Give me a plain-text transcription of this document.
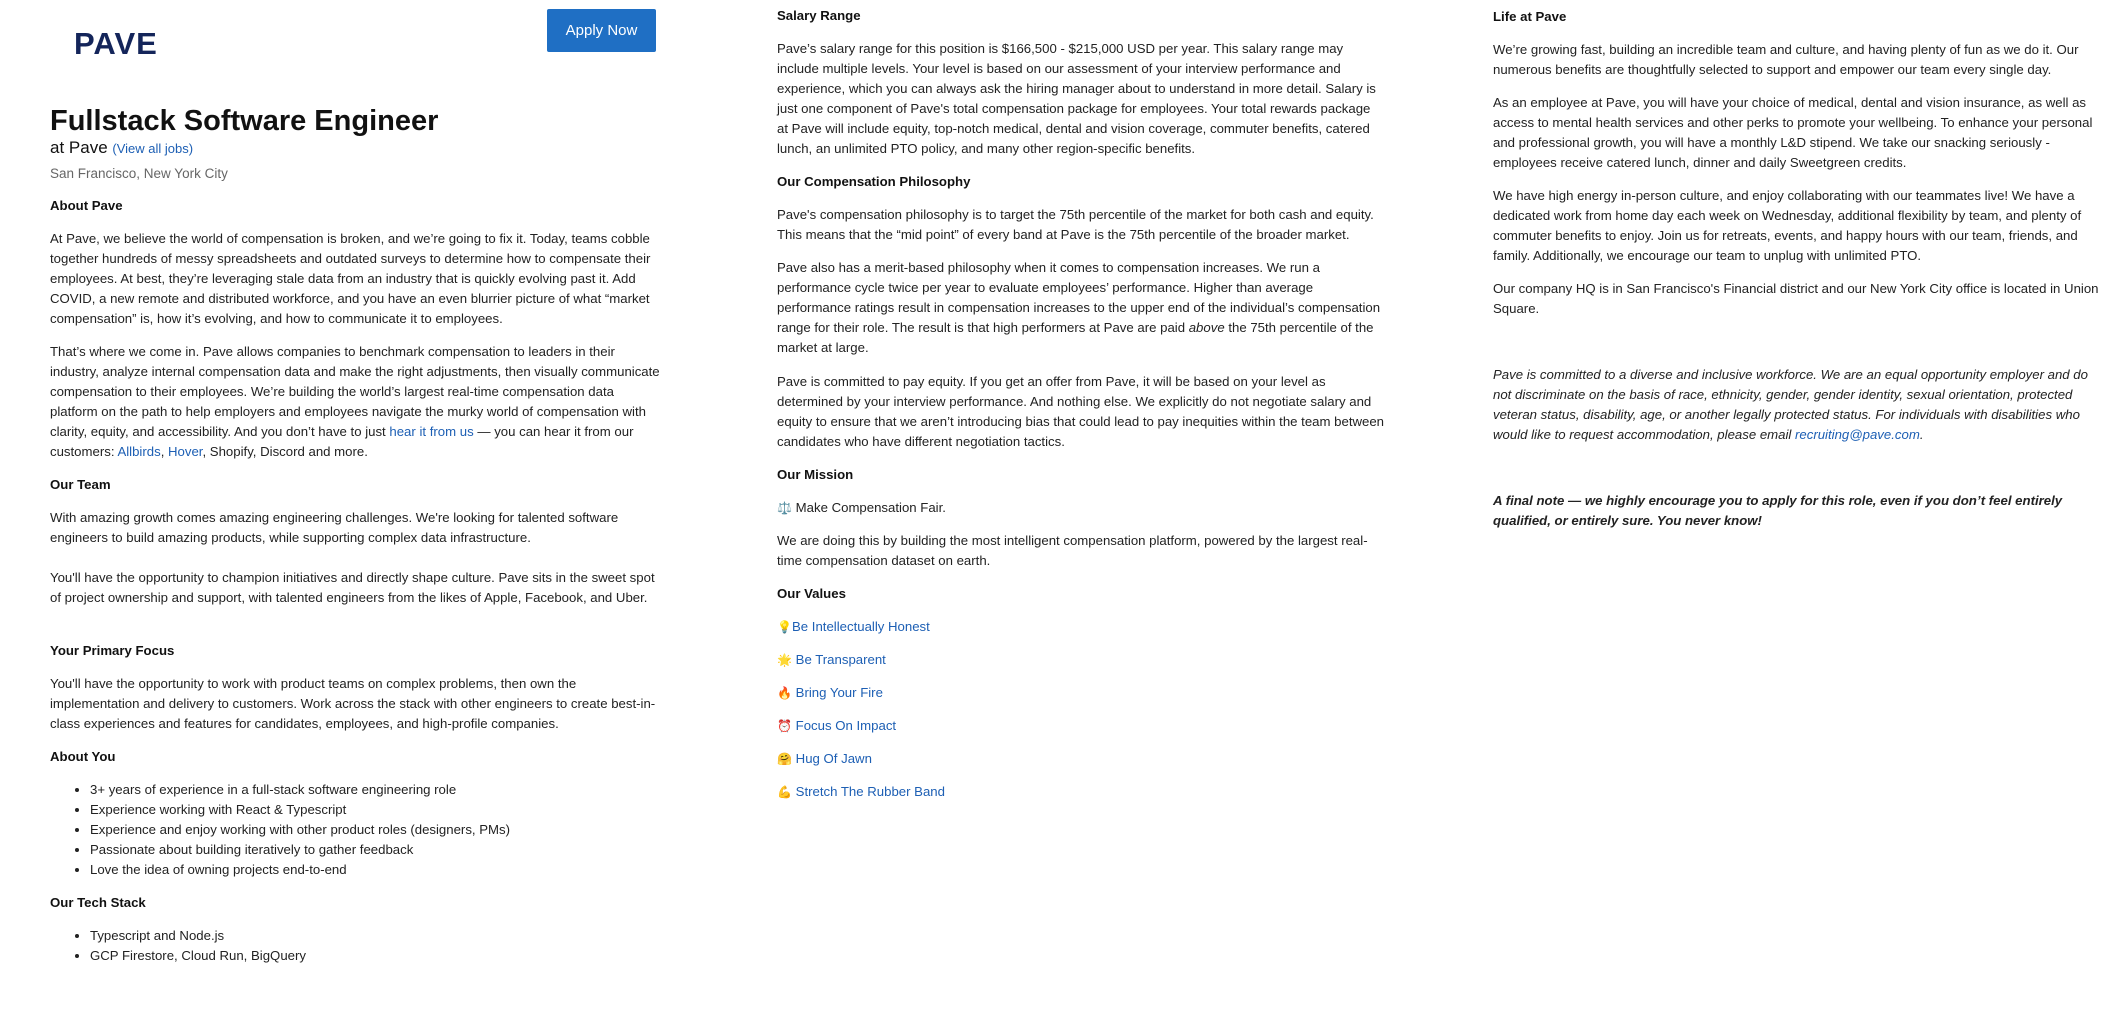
PAVE	Apply Now
Fullstack Software Engineer
at Pave (View all jobs)
San Francisco, New York City

About Pave

At Pave, we believe the world of compensation is broken, and we’re going to fix it. Today, teams cobble together hundreds of messy spreadsheets and outdated surveys to determine how to compensate their employees. At best, they’re leveraging stale data from an industry that is quickly evolving past it. Add COVID, a new remote and distributed workforce, and you have an even blurrier picture of what “market compensation” is, how it’s evolving, and how to communicate it to employees.

That’s where we come in. Pave allows companies to benchmark compensation to leaders in their industry, analyze internal compensation data and make the right adjustments, then visually communicate compensation to their employees. We’re building the world’s largest real-time compensation data platform on the path to help employers and employees navigate the murky world of compensation with clarity, equity, and accessibility. And you don’t have to just hear it from us — you can hear it from our customers: Allbirds, Hover, Shopify, Discord and more.

Our Team

With amazing growth comes amazing engineering challenges. We're looking for talented software engineers to build amazing products, while supporting complex data infrastructure.

You'll have the opportunity to champion initiatives and directly shape culture. Pave sits in the sweet spot of project ownership and support, with talented engineers from the likes of Apple, Facebook, and Uber.

Your Primary Focus

You'll have the opportunity to work with product teams on complex problems, then own the implementation and delivery to customers. Work across the stack with other engineers to create best-in-class experiences and features for candidates, employees, and high-profile companies.

About You

• 3+ years of experience in a full-stack software engineering role
• Experience working with React & Typescript
• Experience and enjoy working with other product roles (designers, PMs)
• Passionate about building iteratively to gather feedback
• Love the idea of owning projects end-to-end

Our Tech Stack

• Typescript and Node.js
• GCP Firestore, Cloud Run, BigQuery

Salary Range

Pave’s salary range for this position is $166,500 - $215,000 USD per year. This salary range may include multiple levels. Your level is based on our assessment of your interview performance and experience, which you can always ask the hiring manager about to understand in more detail. Salary is just one component of Pave's total compensation package for employees. Your total rewards package at Pave will include equity, top-notch medical, dental and vision coverage, commuter benefits, catered lunch, an unlimited PTO policy, and many other region-specific benefits.

Our Compensation Philosophy

Pave's compensation philosophy is to target the 75th percentile of the market for both cash and equity. This means that the “mid point” of every band at Pave is the 75th percentile of the broader market.

Pave also has a merit-based philosophy when it comes to compensation increases. We run a performance cycle twice per year to evaluate employees’ performance. Higher than average performance ratings result in compensation increases to the upper end of the individual’s compensation range for their role. The result is that high performers at Pave are paid above the 75th percentile of the market at large.

Pave is committed to pay equity. If you get an offer from Pave, it will be based on your level as determined by your interview performance. And nothing else. We explicitly do not negotiate salary and equity to ensure that we aren’t introducing bias that could lead to pay inequities within the team between candidates who have different negotiation tactics.

Our Mission

⚖️ Make Compensation Fair.

We are doing this by building the most intelligent compensation platform, powered by the largest real-time compensation dataset on earth.

Our Values

💡Be Intellectually Honest

🌟 Be Transparent

🔥 Bring Your Fire

⏰ Focus On Impact

🤗 Hug Of Jawn

💪 Stretch The Rubber Band

Life at Pave

We’re growing fast, building an incredible team and culture, and having plenty of fun as we do it. Our numerous benefits are thoughtfully selected to support and empower our team every single day.

As an employee at Pave, you will have your choice of medical, dental and vision insurance, as well as access to mental health services and other perks to promote your wellbeing. To enhance your personal and professional growth, you will have a monthly L&D stipend. We take our snacking seriously - employees receive catered lunch, dinner and daily Sweetgreen credits.

We have high energy in-person culture, and enjoy collaborating with our teammates live! We have a dedicated work from home day each week on Wednesday, additional flexibility by team, and plenty of commuter benefits to enjoy. Join us for retreats, events, and happy hours with our team, friends, and family. Additionally, we encourage our team to unplug with unlimited PTO.

Our company HQ is in San Francisco's Financial district and our New York City office is located in Union Square.

Pave is committed to a diverse and inclusive workforce. We are an equal opportunity employer and do not discriminate on the basis of race, ethnicity, gender, gender identity, sexual orientation, protected veteran status, disability, age, or another legally protected status. For individuals with disabilities who would like to request accommodation, please email recruiting@pave.com.

A final note — we highly encourage you to apply for this role, even if you don’t feel entirely qualified, or entirely sure. You never know!
